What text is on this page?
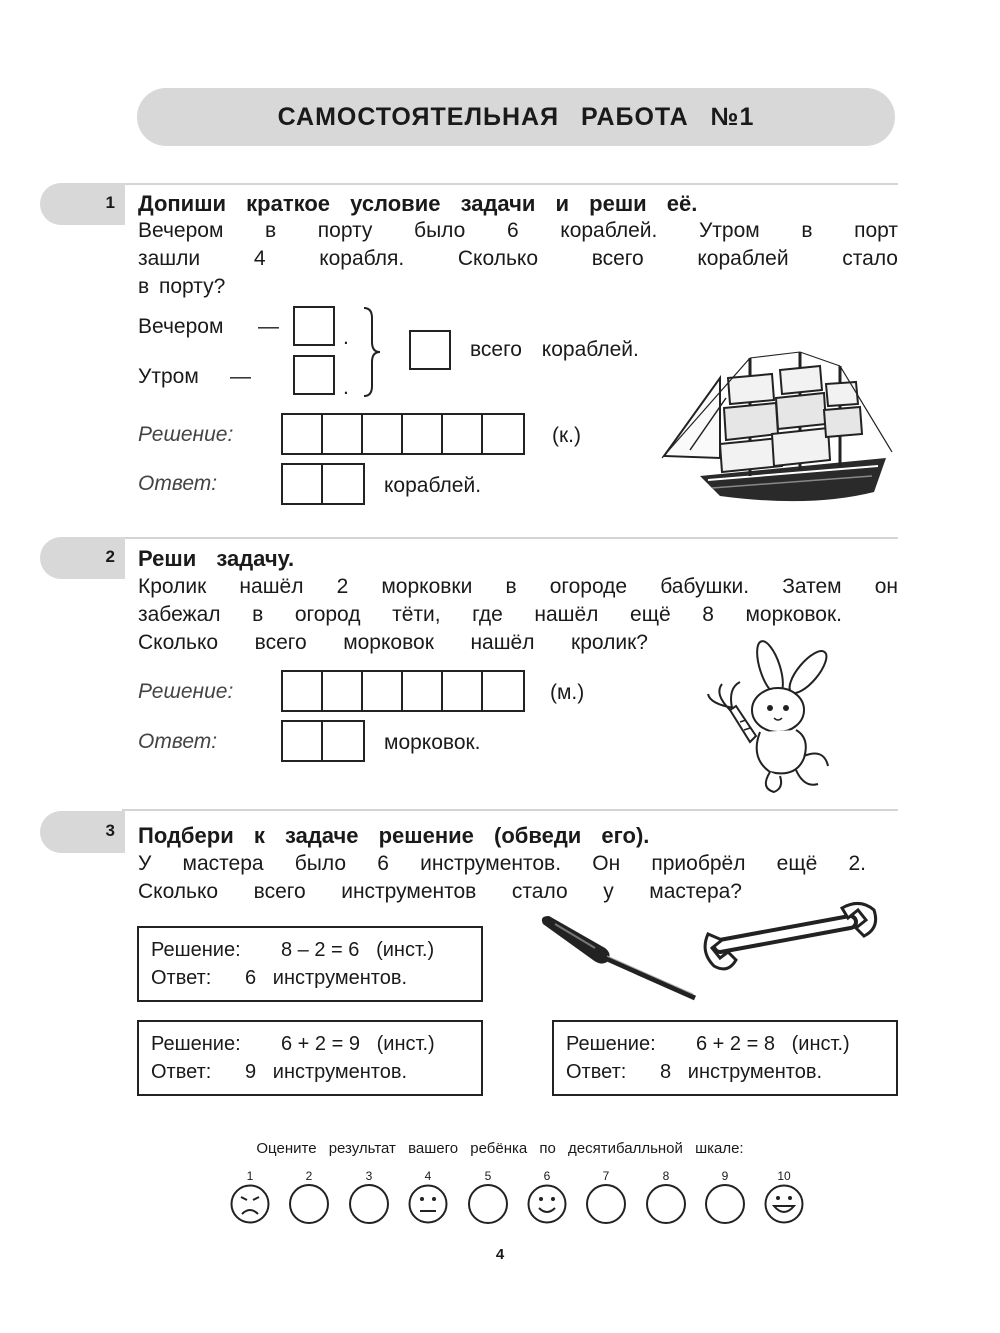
САМОСТОЯТЕЛЬНАЯ РАБОТА №1
1 Допиши краткое условие задачи и реши её.
Вечером в порту было 6 кораблей. Утром в порт
зашли 4 корабля. Сколько всего кораблей стало
в порту?
Вечером —	.
Утром —	.
всего кораблей.
Решение:	(к.)
Ответ:	кораблей.
2 Реши задачу.
Кролик нашёл 2 морковки в огороде бабушки. Затем он
забежал в огород тёти, где нашёл ещё 8 морковок.
Сколько всего морковок нашёл кролик?
Решение:	(м.)
Ответ:	морковок.
3 Подбери к задаче решение (обведи его).
У мастера было 6 инструментов. Он приобрёл ещё 2.
Сколько всего инструментов стало у мастера?
Решение:	8 – 2 = 6   (инст.)
Ответ:	6   инструментов.
Решение:	6 + 2 = 9   (инст.)
Ответ:	9   инструментов.
Решение:	6 + 2 = 8   (инст.)
Ответ:	8   инструментов.
Оцените результат вашего ребёнка по десятибалльной шкале:
1	2	3	4	5	6	7	8	9	10
4
